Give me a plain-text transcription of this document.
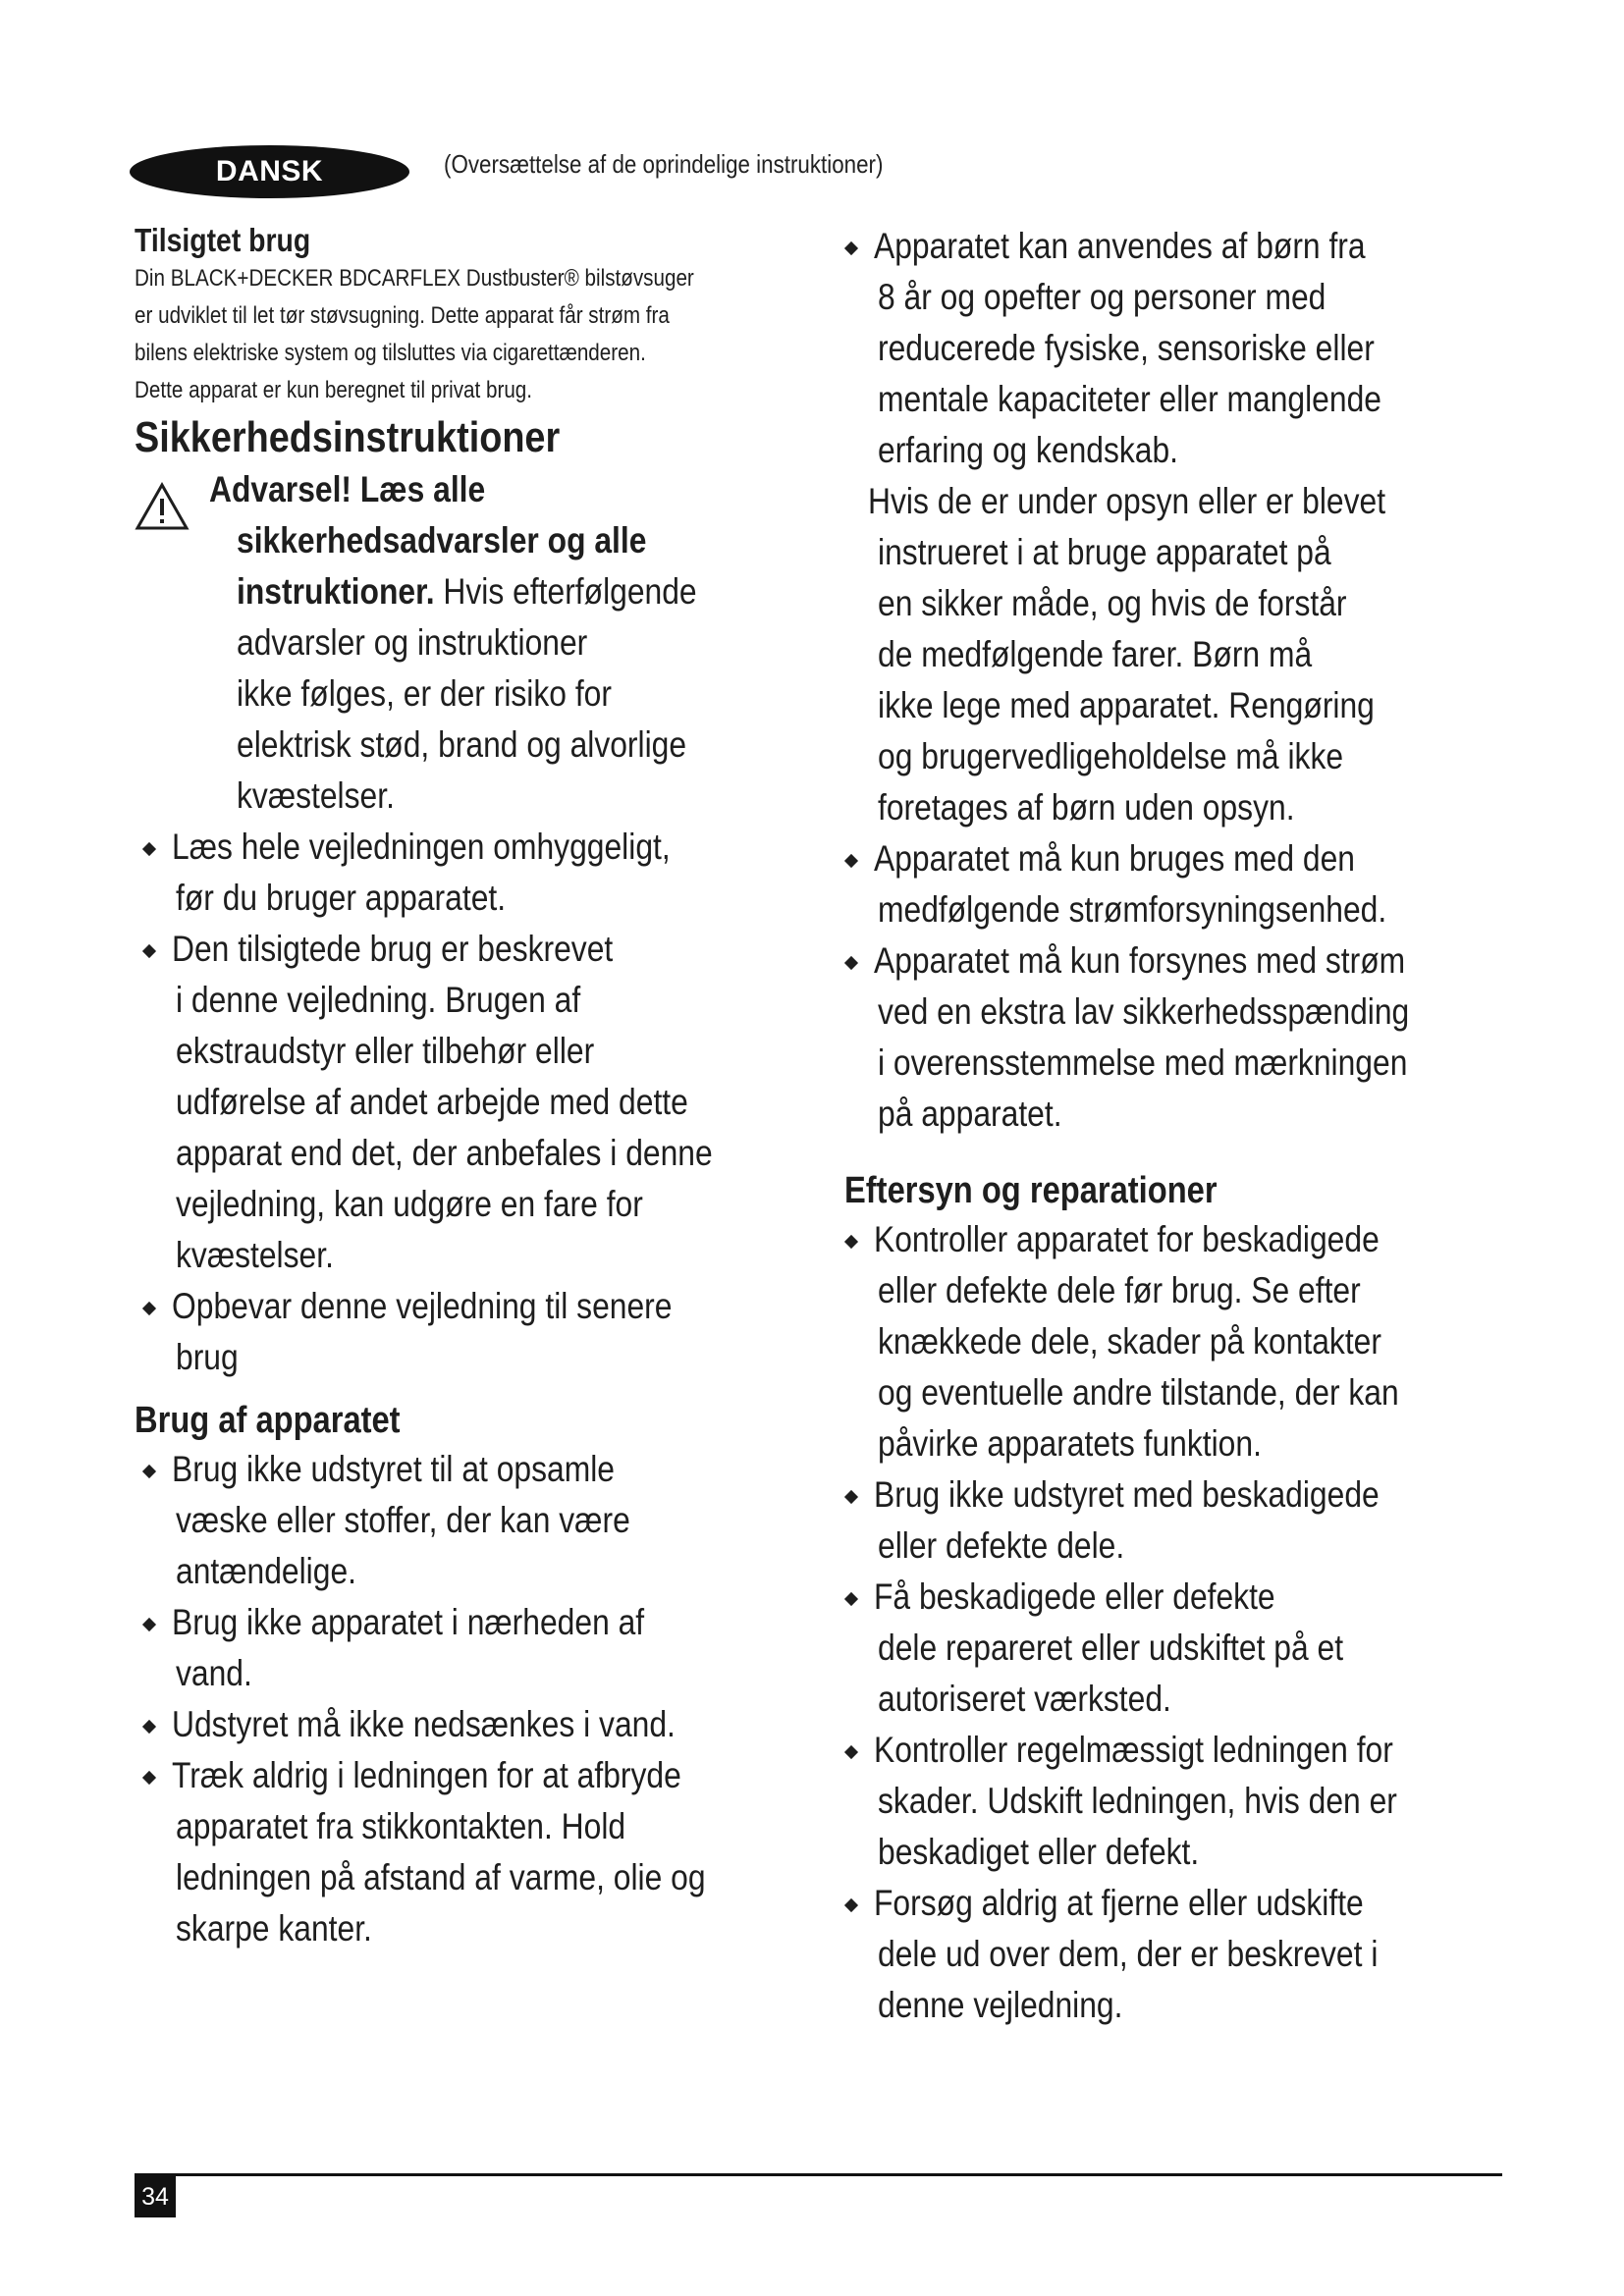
DANSK	(Oversættelse af de oprindelige instruktioner)
Tilsigtet brug
Din BLACK+DECKER BDCARFLEX Dustbuster® bilstøvsuger
er udviklet til let tør støvsugning. Dette apparat får strøm fra
bilens elektriske system og tilsluttes via cigarettænderen.
Dette apparat er kun beregnet til privat brug.
Sikkerhedsinstruktioner
Advarsel! Læs alle
sikkerhedsadvarsler og alle
instruktioner. Hvis efterfølgende
advarsler og instruktioner
ikke følges, er der risiko for
elektrisk stød, brand og alvorlige
kvæstelser.
Læs hele vejledningen omhyggeligt,
før du bruger apparatet.
Den tilsigtede brug er beskrevet
i denne vejledning. Brugen af
ekstraudstyr eller tilbehør eller
udførelse af andet arbejde med dette
apparat end det, der anbefales i denne
vejledning, kan udgøre en fare for
kvæstelser.
Opbevar denne vejledning til senere
brug
Brug af apparatet
Brug ikke udstyret til at opsamle
væske eller stoffer, der kan være
antændelige.
Brug ikke apparatet i nærheden af
vand.
Udstyret må ikke nedsænkes i vand.
Træk aldrig i ledningen for at afbryde
apparatet fra stikkontakten. Hold
ledningen på afstand af varme, olie og
skarpe kanter.
Apparatet kan anvendes af børn fra
8 år og opefter og personer med
reducerede fysiske, sensoriske eller
mentale kapaciteter eller manglende
erfaring og kendskab.
Hvis de er under opsyn eller er blevet
instrueret i at bruge apparatet på
en sikker måde, og hvis de forstår
de medfølgende farer. Børn må
ikke lege med apparatet. Rengøring
og brugervedligeholdelse må ikke
foretages af børn uden opsyn.
Apparatet må kun bruges med den
medfølgende strømforsyningsenhed.
Apparatet må kun forsynes med strøm
ved en ekstra lav sikkerhedsspænding
i overensstemmelse med mærkningen
på apparatet.
Eftersyn og reparationer
Kontroller apparatet for beskadigede
eller defekte dele før brug. Se efter
knækkede dele, skader på kontakter
og eventuelle andre tilstande, der kan
påvirke apparatets funktion.
Brug ikke udstyret med beskadigede
eller defekte dele.
Få beskadigede eller defekte
dele repareret eller udskiftet på et
autoriseret værksted.
Kontroller regelmæssigt ledningen for
skader. Udskift ledningen, hvis den er
beskadiget eller defekt.
Forsøg aldrig at fjerne eller udskifte
dele ud over dem, der er beskrevet i
denne vejledning.
34
